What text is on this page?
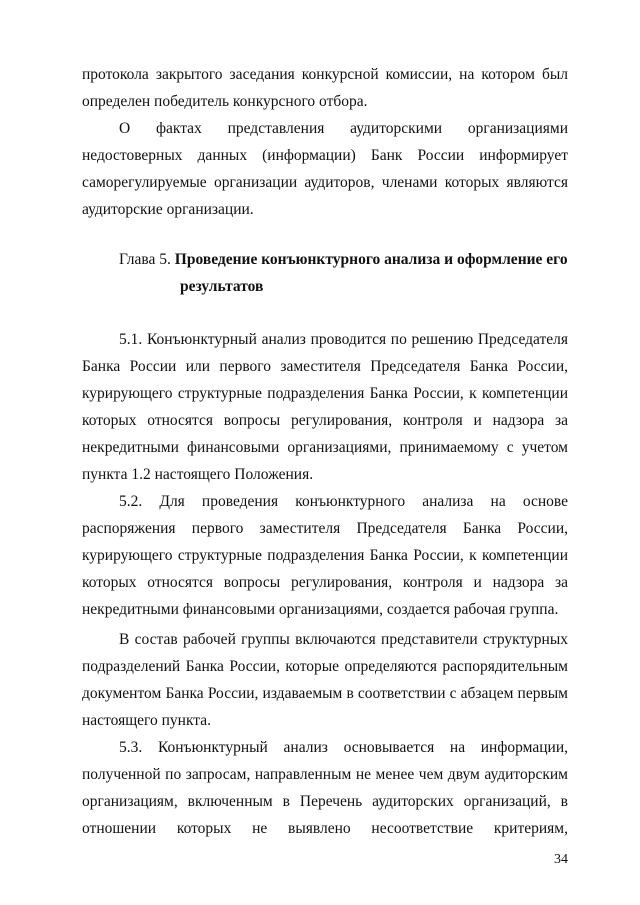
протокола закрытого заседания конкурсной комиссии, на котором был
определен победитель конкурсного отбора.
О фактах представления аудиторскими организациями
недостоверных данных (информации) Банк России информирует
саморегулируемые организации аудиторов, членами которых являются
аудиторские организации.
Глава 5. Проведение конъюнктурного анализа и оформление его
результатов
5.1. Конъюнктурный анализ проводится по решению Председателя
Банка России или первого заместителя Председателя Банка России,
курирующего структурные подразделения Банка России, к компетенции
которых относятся вопросы регулирования, контроля и надзора за
некредитными финансовыми организациями, принимаемому с учетом
пункта 1.2 настоящего Положения.
5.2. Для проведения конъюнктурного анализа на основе
распоряжения первого заместителя Председателя Банка России,
курирующего структурные подразделения Банка России, к компетенции
которых относятся вопросы регулирования, контроля и надзора за
некредитными финансовыми организациями, создается рабочая группа.
В состав рабочей группы включаются представители структурных
подразделений Банка России, которые определяются распорядительным
документом Банка России, издаваемым в соответствии с абзацем первым
настоящего пункта.
5.3. Конъюнктурный анализ основывается на информации,
полученной по запросам, направленным не менее чем двум аудиторским
организациям, включенным в Перечень аудиторских организаций, в
отношении которых не выявлено несоответствие критериям,
34
